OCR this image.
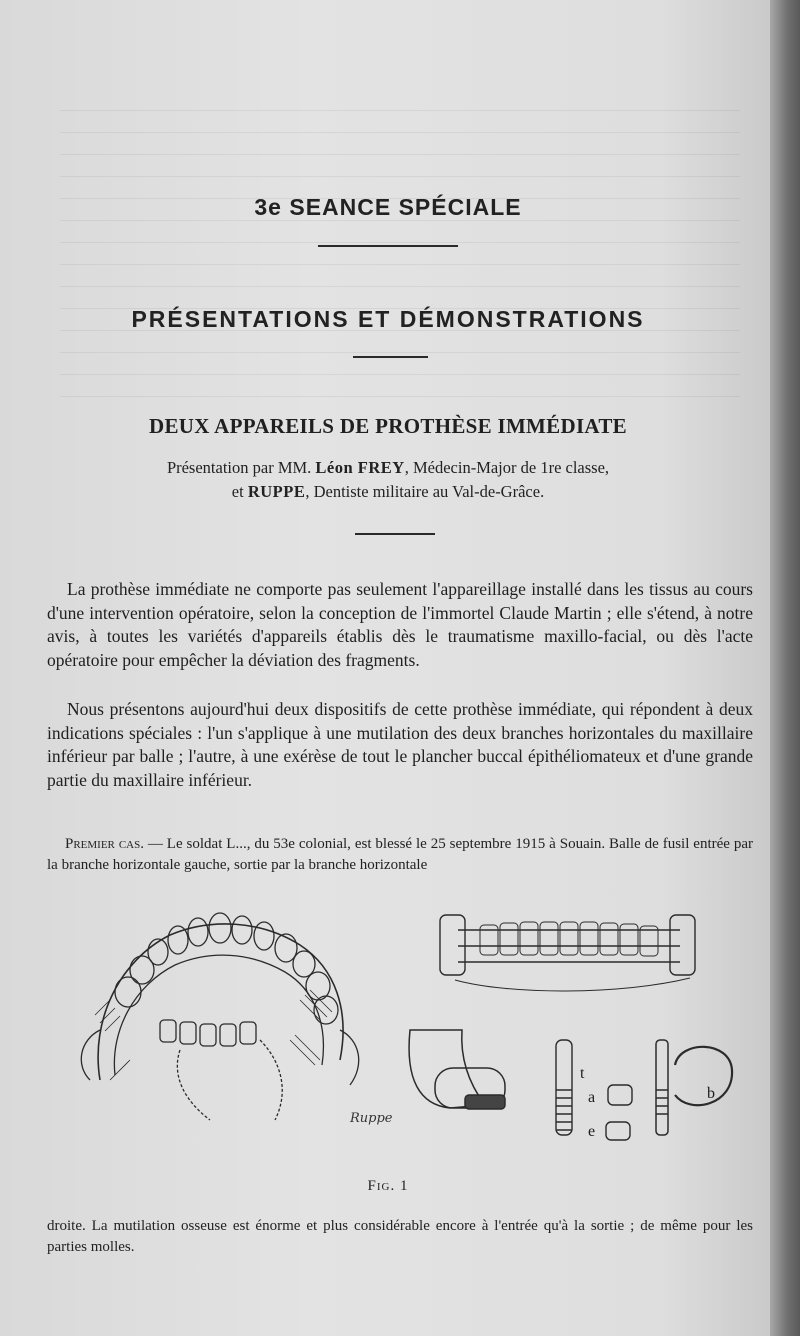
3e SEANCE SPÉCIALE
PRÉSENTATIONS ET DÉMONSTRATIONS
DEUX APPAREILS DE PROTHÈSE IMMÉDIATE
Présentation par MM. Léon FREY, Médecin-Major de 1re classe,
et RUPPE, Dentiste militaire au Val-de-Grâce.

La prothèse immédiate ne comporte pas seulement l'appareillage installé dans les tissus au cours d'une intervention opératoire, selon la conception de l'immortel Claude Martin ; elle s'étend, à notre avis, à toutes les variétés d'appareils établis dès le traumatisme maxillo-facial, ou dès l'acte opératoire pour empêcher la déviation des fragments.

Nous présentons aujourd'hui deux dispositifs de cette prothèse immédiate, qui répondent à deux indications spéciales : l'un s'applique à une mutilation des deux branches horizontales du maxillaire inférieur par balle ; l'autre, à une exérèse de tout le plancher buccal épithéliomateux et d'une grande partie du maxillaire inférieur.

Premier cas. — Le soldat L..., du 53e colonial, est blessé le 25 septembre 1915 à Souain. Balle de fusil entrée par la branche horizontale gauche, sortie par la branche horizontale

t
a
e
b
Ruppe
Fig. 1

droite. La mutilation osseuse est énorme et plus considérable encore à l'entrée qu'à la sortie ; de même pour les parties molles.
